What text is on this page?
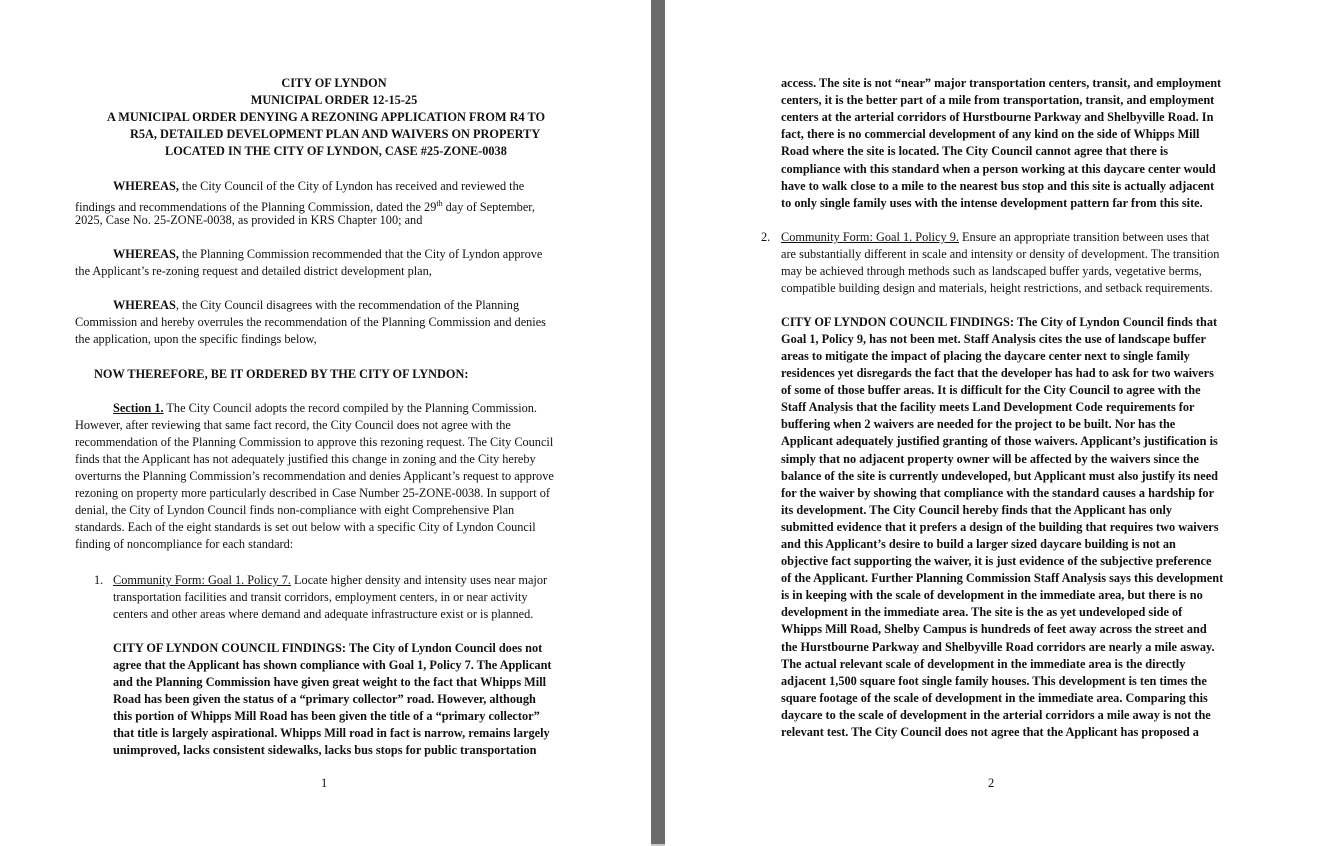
CITY OF LYNDON
MUNICIPAL ORDER 12-15-25
A MUNICIPAL ORDER DENYING A REZONING APPLICATION FROM R4 TO
R5A, DETAILED DEVELOPMENT PLAN AND WAIVERS ON PROPERTY
LOCATED IN THE CITY OF LYNDON, CASE #25-ZONE-0038
WHEREAS, the City Council of the City of Lyndon has received and reviewed the
findings and recommendations of the Planning Commission, dated the 29th day of September,
2025, Case No. 25-ZONE-0038, as provided in KRS Chapter 100; and
WHEREAS, the Planning Commission recommended that the City of Lyndon approve
the Applicant’s re-zoning request and detailed district development plan,
WHEREAS, the City Council disagrees with the recommendation of the Planning
Commission and hereby overrules the recommendation of the Planning Commission and denies
the application, upon the specific findings below,
NOW THEREFORE, BE IT ORDERED BY THE CITY OF LYNDON:
Section 1. The City Council adopts the record compiled by the Planning Commission.
However, after reviewing that same fact record, the City Council does not agree with the
recommendation of the Planning Commission to approve this rezoning request. The City Council
finds that the Applicant has not adequately justified this change in zoning and the City hereby
overturns the Planning Commission’s recommendation and denies Applicant’s request to approve
rezoning on property more particularly described in Case Number 25-ZONE-0038. In support of
denial, the City of Lyndon Council finds non-compliance with eight Comprehensive Plan
standards. Each of the eight standards is set out below with a specific City of Lyndon Council
finding of noncompliance for each standard:
1. Community Form: Goal 1. Policy 7. Locate higher density and intensity uses near major
transportation facilities and transit corridors, employment centers, in or near activity
centers and other areas where demand and adequate infrastructure exist or is planned.
CITY OF LYNDON COUNCIL FINDINGS: The City of Lyndon Council does not
agree that the Applicant has shown compliance with Goal 1, Policy 7. The Applicant
and the Planning Commission have given great weight to the fact that Whipps Mill
Road has been given the status of a “primary collector” road. However, although
this portion of Whipps Mill Road has been given the title of a “primary collector”
that title is largely aspirational. Whipps Mill road in fact is narrow, remains largely
unimproved, lacks consistent sidewalks, lacks bus stops for public transportation
1
access. The site is not “near” major transportation centers, transit, and employment
centers, it is the better part of a mile from transportation, transit, and employment
centers at the arterial corridors of Hurstbourne Parkway and Shelbyville Road. In
fact, there is no commercial development of any kind on the side of Whipps Mill
Road where the site is located. The City Council cannot agree that there is
compliance with this standard when a person working at this daycare center would
have to walk close to a mile to the nearest bus stop and this site is actually adjacent
to only single family uses with the intense development pattern far from this site.
2. Community Form: Goal 1. Policy 9. Ensure an appropriate transition between uses that
are substantially different in scale and intensity or density of development. The transition
may be achieved through methods such as landscaped buffer yards, vegetative berms,
compatible building design and materials, height restrictions, and setback requirements.
CITY OF LYNDON COUNCIL FINDINGS: The City of Lyndon Council finds that
Goal 1, Policy 9, has not been met. Staff Analysis cites the use of landscape buffer
areas to mitigate the impact of placing the daycare center next to single family
residences yet disregards the fact that the developer has had to ask for two waivers
of some of those buffer areas. It is difficult for the City Council to agree with the
Staff Analysis that the facility meets Land Development Code requirements for
buffering when 2 waivers are needed for the project to be built. Nor has the
Applicant adequately justified granting of those waivers. Applicant’s justification is
simply that no adjacent property owner will be affected by the waivers since the
balance of the site is currently undeveloped, but Applicant must also justify its need
for the waiver by showing that compliance with the standard causes a hardship for
its development. The City Council hereby finds that the Applicant has only
submitted evidence that it prefers a design of the building that requires two waivers
and this Applicant’s desire to build a larger sized daycare building is not an
objective fact supporting the waiver, it is just evidence of the subjective preference
of the Applicant. Further Planning Commission Staff Analysis says this development
is in keeping with the scale of development in the immediate area, but there is no
development in the immediate area. The site is the as yet undeveloped side of
Whipps Mill Road, Shelby Campus is hundreds of feet away across the street and
the Hurstbourne Parkway and Shelbyville Road corridors are nearly a mile asway.
The actual relevant scale of development in the immediate area is the directly
adjacent 1,500 square foot single family houses. This development is ten times the
square footage of the scale of development in the immediate area. Comparing this
daycare to the scale of development in the arterial corridors a mile away is not the
relevant test. The City Council does not agree that the Applicant has proposed a
2
